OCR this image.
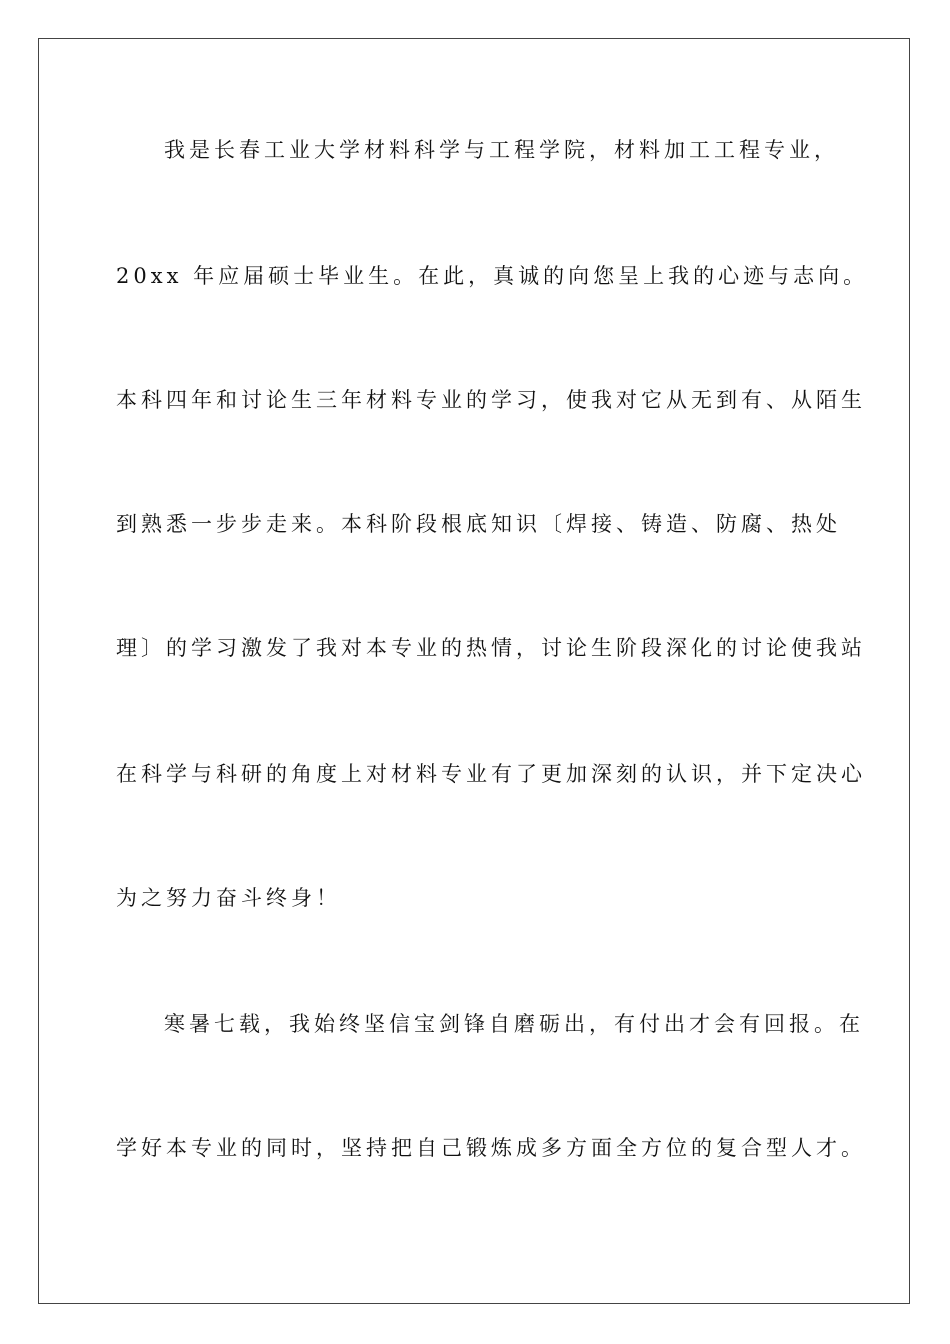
我是长春工业大学材料科学与工程学院，材料加工工程专业，

20xx 年应届硕士毕业生。在此，真诚的向您呈上我的心迹与志向。

本科四年和讨论生三年材料专业的学习，使我对它从无到有、从陌生

到熟悉一步步走来。本科阶段根底知识〔焊接、铸造、防腐、热处

理〕的学习激发了我对本专业的热情，讨论生阶段深化的讨论使我站

在科学与科研的角度上对材料专业有了更加深刻的认识，并下定决心

为之努力奋斗终身！

寒暑七载，我始终坚信宝剑锋自磨砺出，有付出才会有回报。在

学好本专业的同时，坚持把自己锻炼成多方面全方位的复合型人才。
